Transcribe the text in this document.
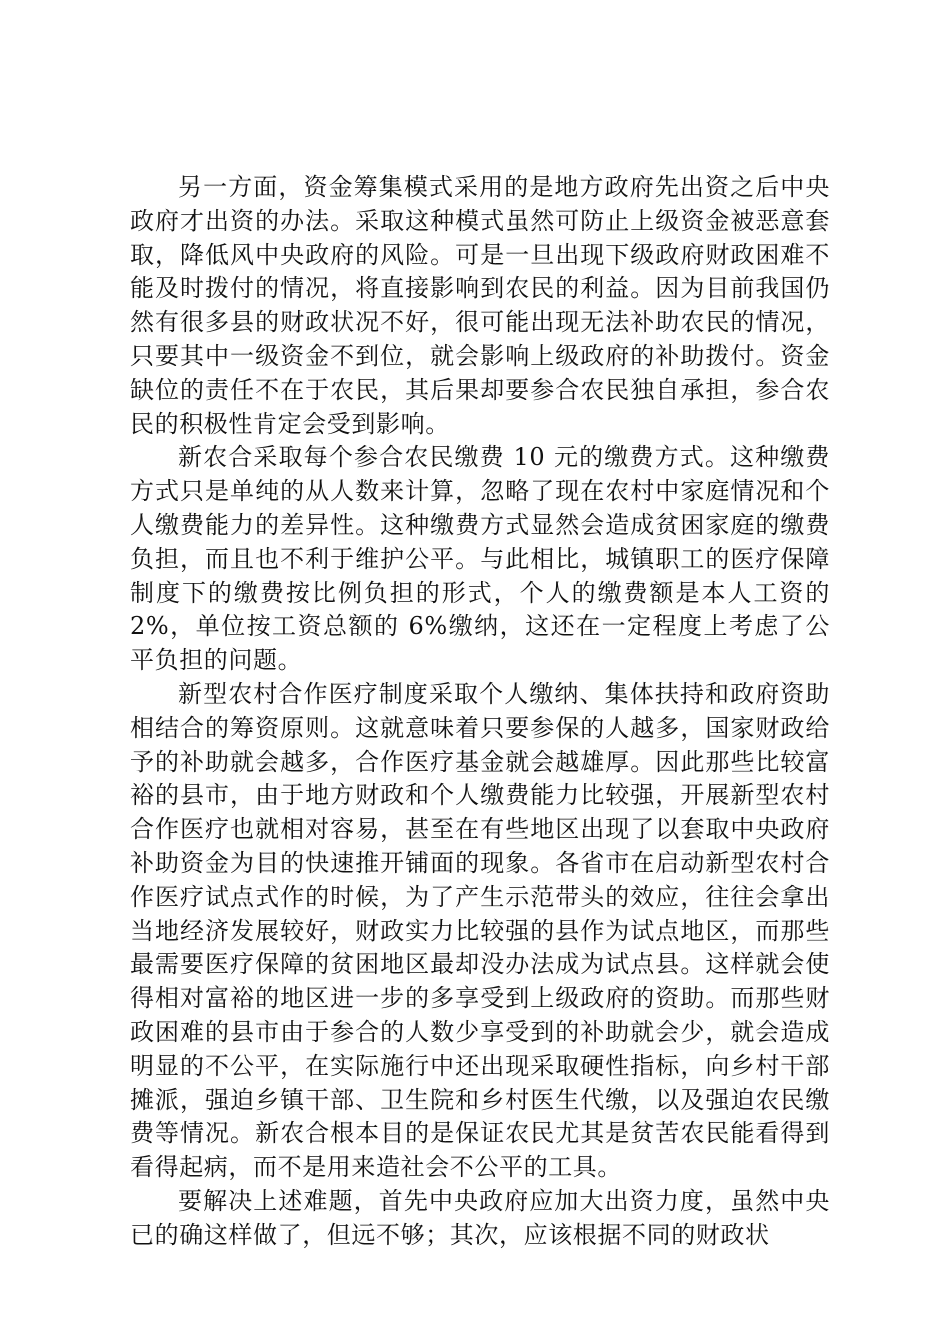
另一方面，资金筹集模式采用的是地方政府先出资之后中央政府才出资的办法。采取这种模式虽然可防止上级资金被恶意套取，降低风中央政府的风险。可是一旦出现下级政府财政困难不能及时拨付的情况，将直接影响到农民的利益。因为目前我国仍然有很多县的财政状况不好，很可能出现无法补助农民的情况，只要其中一级资金不到位，就会影响上级政府的补助拨付。资金缺位的责任不在于农民，其后果却要参合农民独自承担，参合农民的积极性肯定会受到影响。

新农合采取每个参合农民缴费 10 元的缴费方式。这种缴费方式只是单纯的从人数来计算，忽略了现在农村中家庭情况和个人缴费能力的差异性。这种缴费方式显然会造成贫困家庭的缴费负担，而且也不利于维护公平。与此相比，城镇职工的医疗保障制度下的缴费按比例负担的形式，个人的缴费额是本人工资的 2%，单位按工资总额的 6%缴纳，这还在一定程度上考虑了公平负担的问题。

新型农村合作医疗制度采取个人缴纳、集体扶持和政府资助相结合的筹资原则。这就意味着只要参保的人越多，国家财政给予的补助就会越多，合作医疗基金就会越雄厚。因此那些比较富裕的县市，由于地方财政和个人缴费能力比较强，开展新型农村合作医疗也就相对容易，甚至在有些地区出现了以套取中央政府补助资金为目的快速推开铺面的现象。各省市在启动新型农村合作医疗试点式作的时候，为了产生示范带头的效应，往往会拿出当地经济发展较好，财政实力比较强的县作为试点地区，而那些最需要医疗保障的贫困地区最却没办法成为试点县。这样就会使得相对富裕的地区进一步的多享受到上级政府的资助。而那些财政困难的县市由于参合的人数少享受到的补助就会少，就会造成明显的不公平，在实际施行中还出现采取硬性指标，向乡村干部摊派，强迫乡镇干部、卫生院和乡村医生代缴，以及强迫农民缴费等情况。新农合根本目的是保证农民尤其是贫苦农民能看得到看得起病，而不是用来造社会不公平的工具。

要解决上述难题，首先中央政府应加大出资力度，虽然中央已的确这样做了，但远不够；其次，应该根据不同的财政状
